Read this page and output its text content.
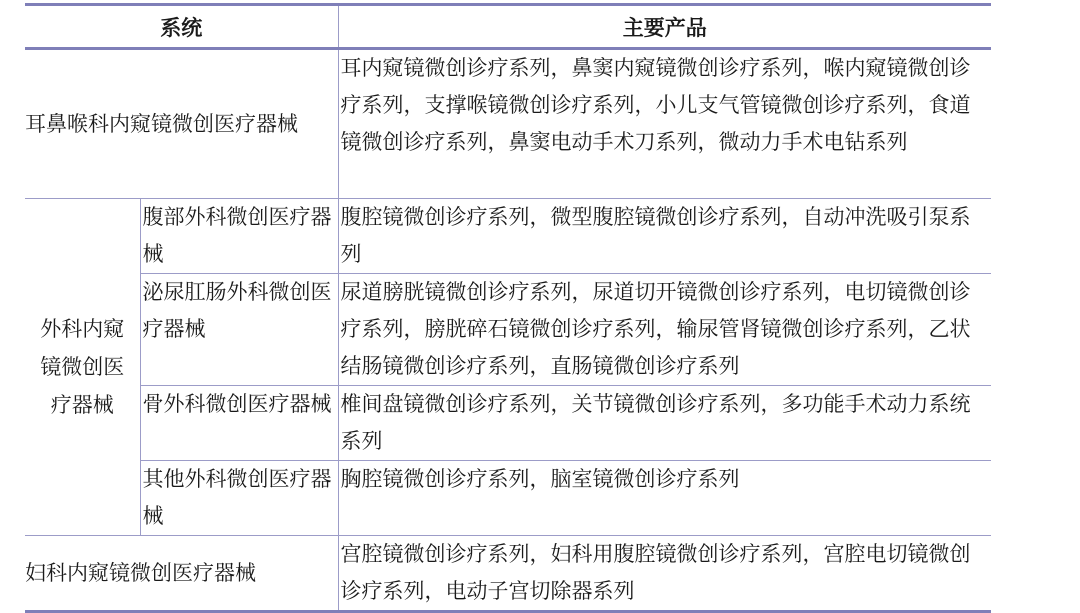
系统		主要产品
耳鼻喉科内窥镜微创医疗器械		耳内窥镜微创诊疗系列，鼻窦内窥镜微创诊疗系列，喉内窥镜微创诊疗系列，支撑喉镜微创诊疗系列，小儿支气管镜微创诊疗系列，食道镜微创诊疗系列，鼻窦电动手术刀系列，微动力手术电钻系列
外科内窥镜微创医疗器械	腹部外科微创医疗器械	腹腔镜微创诊疗系列，微型腹腔镜微创诊疗系列，自动冲洗吸引泵系列
	泌尿肛肠外科微创医疗器械	尿道膀胱镜微创诊疗系列，尿道切开镜微创诊疗系列，电切镜微创诊疗系列，膀胱碎石镜微创诊疗系列，输尿管肾镜微创诊疗系列，乙状结肠镜微创诊疗系列，直肠镜微创诊疗系列
	骨外科微创医疗器械	椎间盘镜微创诊疗系列，关节镜微创诊疗系列，多功能手术动力系统系列
	其他外科微创医疗器械	胸腔镜微创诊疗系列，脑室镜微创诊疗系列
妇科内窥镜微创医疗器械		宫腔镜微创诊疗系列，妇科用腹腔镜微创诊疗系列，宫腔电切镜微创诊疗系列，电动子宫切除器系列
